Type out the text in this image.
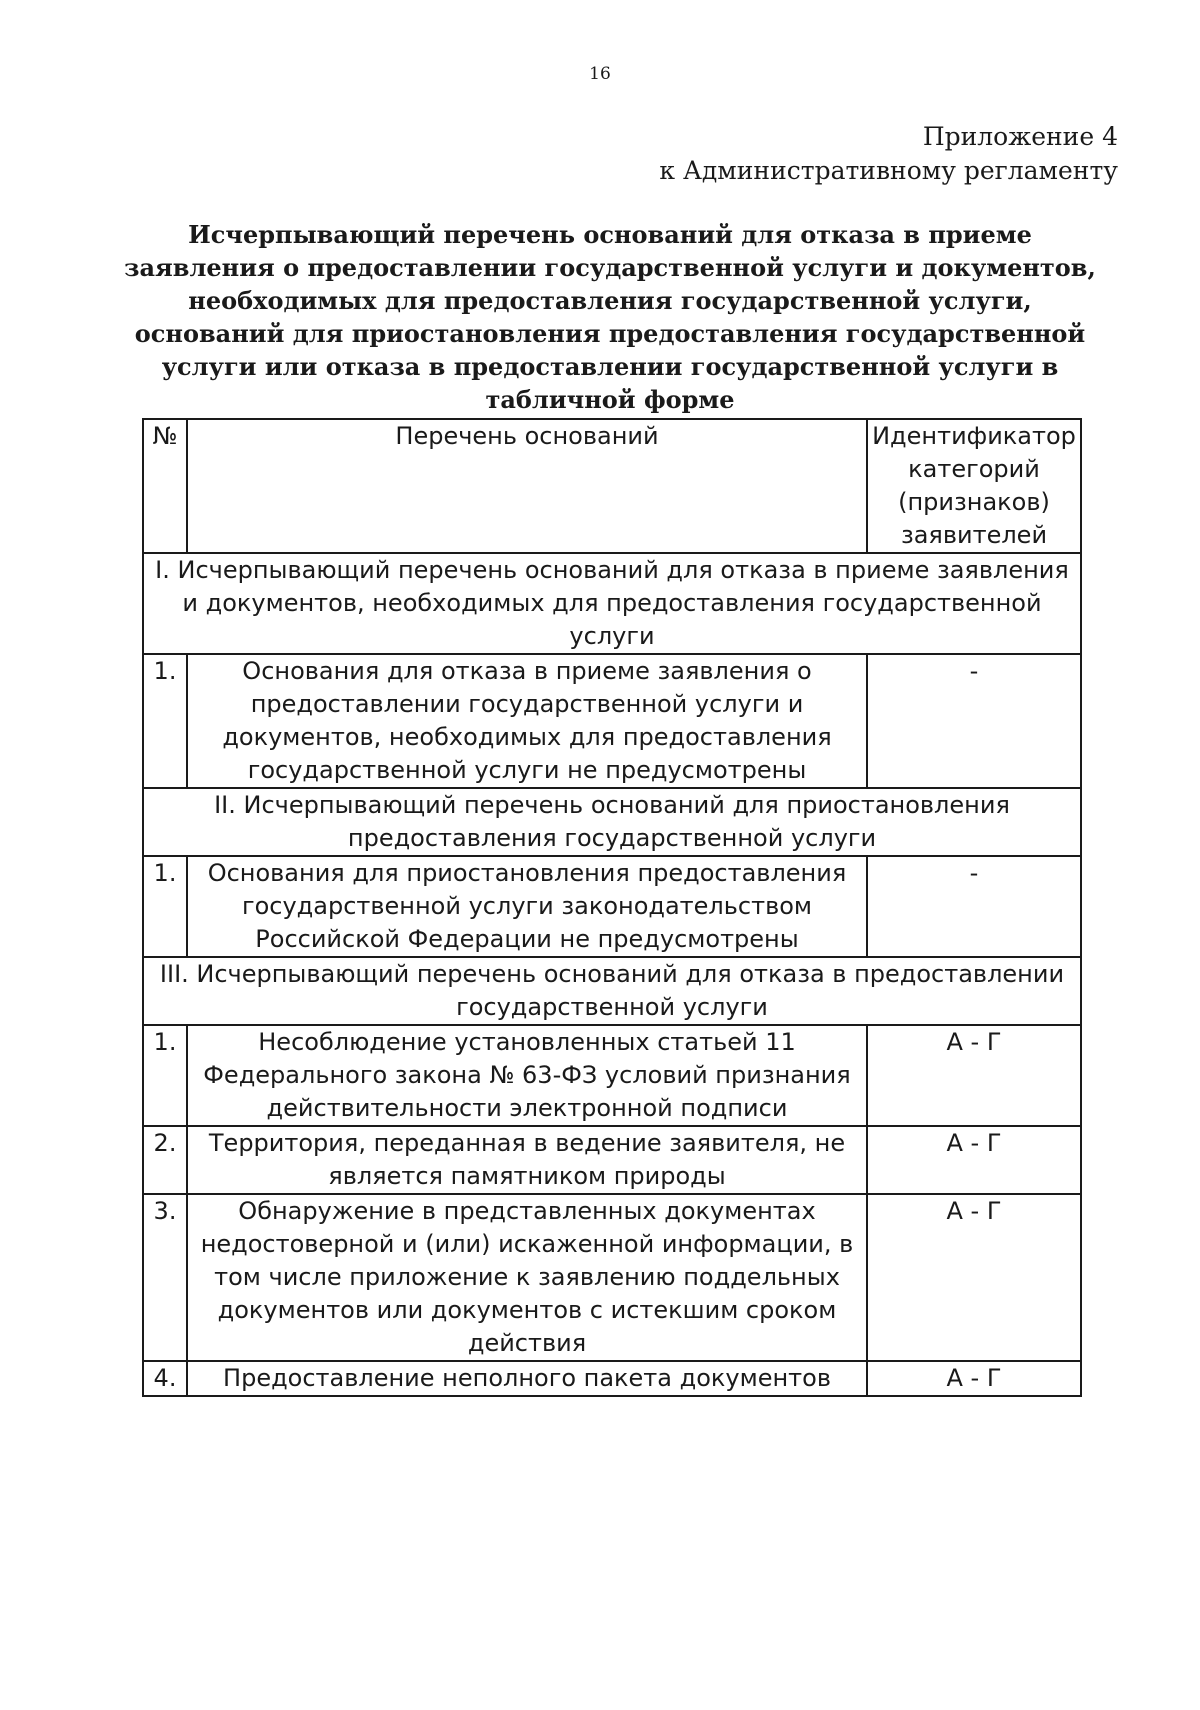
16
Приложение 4
к Административному регламенту
Исчерпывающий перечень оснований для отказа в приеме заявления о предоставлении государственной услуги и документов, необходимых для предоставления государственной услуги, оснований для приостановления предоставления государственной услуги или отказа в предоставлении государственной услуги в табличной форме
№	Перечень оснований	Идентификатор категорий (признаков) заявителей
I. Исчерпывающий перечень оснований для отказа в приеме заявления и документов, необходимых для предоставления государственной услуги		
1.	Основания для отказа в приеме заявления о предоставлении государственной услуги и документов, необходимых для предоставления государственной услуги не предусмотрены	-
II. Исчерпывающий перечень оснований для приостановления предоставления государственной услуги		
1.	Основания для приостановления предоставления государственной услуги законодательством Российской Федерации не предусмотрены	-
III. Исчерпывающий перечень оснований для отказа в предоставлении государственной услуги		
1.	Несоблюдение установленных статьей 11 Федерального закона № 63-ФЗ условий признания действительности электронной подписи	А - Г
2.	Территория, переданная в ведение заявителя, не является памятником природы	А - Г
3.	Обнаружение в представленных документах недостоверной и (или) искаженной информации, в том числе приложение к заявлению поддельных документов или документов с истекшим сроком действия	А - Г
4.	Предоставление неполного пакета документов	А - Г
